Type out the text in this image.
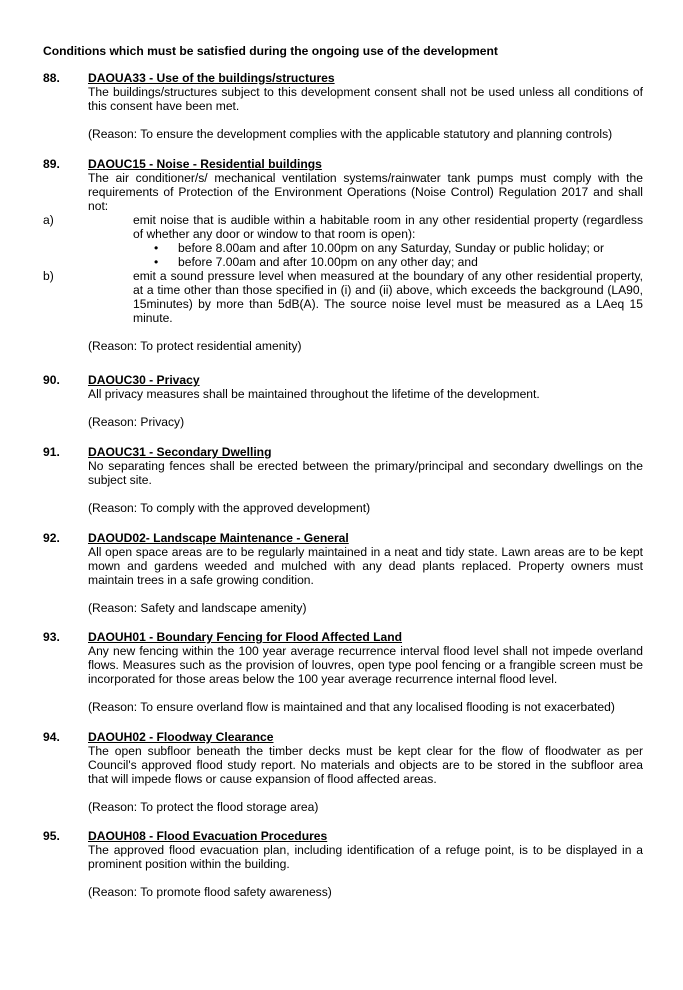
Conditions which must be satisfied during the ongoing use of the development
88. DAOUA33 - Use of the buildings/structures
The buildings/structures subject to this development consent shall not be used unless all conditions of this consent have been met.
(Reason: To ensure the development complies with the applicable statutory and planning controls)
89. DAOUC15 - Noise - Residential buildings
The air conditioner/s/ mechanical ventilation systems/rainwater tank pumps must comply with the requirements of Protection of the Environment Operations (Noise Control) Regulation 2017 and shall not:
a)	emit noise that is audible within a habitable room in any other residential property (regardless of whether any door or window to that room is open):
• before 8.00am and after 10.00pm on any Saturday, Sunday or public holiday; or
• before 7.00am and after 10.00pm on any other day; and
b)	emit a sound pressure level when measured at the boundary of any other residential property, at a time other than those specified in (i) and (ii) above, which exceeds the background (LA90, 15minutes) by more than 5dB(A). The source noise level must be measured as a LAeq 15 minute.
(Reason: To protect residential amenity)
90. DAOUC30 - Privacy
All privacy measures shall be maintained throughout the lifetime of the development.
(Reason: Privacy)
91. DAOUC31 - Secondary Dwelling
No separating fences shall be erected between the primary/principal and secondary dwellings on the subject site.
(Reason: To comply with the approved development)
92. DAOUD02- Landscape Maintenance - General
All open space areas are to be regularly maintained in a neat and tidy state. Lawn areas are to be kept mown and gardens weeded and mulched with any dead plants replaced. Property owners must maintain trees in a safe growing condition.
(Reason: Safety and landscape amenity)
93. DAOUH01 - Boundary Fencing for Flood Affected Land
Any new fencing within the 100 year average recurrence interval flood level shall not impede overland flows. Measures such as the provision of louvres, open type pool fencing or a frangible screen must be incorporated for those areas below the 100 year average recurrence internal flood level.
(Reason: To ensure overland flow is maintained and that any localised flooding is not exacerbated)
94. DAOUH02 - Floodway Clearance
The open subfloor beneath the timber decks must be kept clear for the flow of floodwater as per Council's approved flood study report. No materials and objects are to be stored in the subfloor area that will impede flows or cause expansion of flood affected areas.
(Reason: To protect the flood storage area)
95. DAOUH08 - Flood Evacuation Procedures
The approved flood evacuation plan, including identification of a refuge point, is to be displayed in a prominent position within the building.
(Reason: To promote flood safety awareness)
